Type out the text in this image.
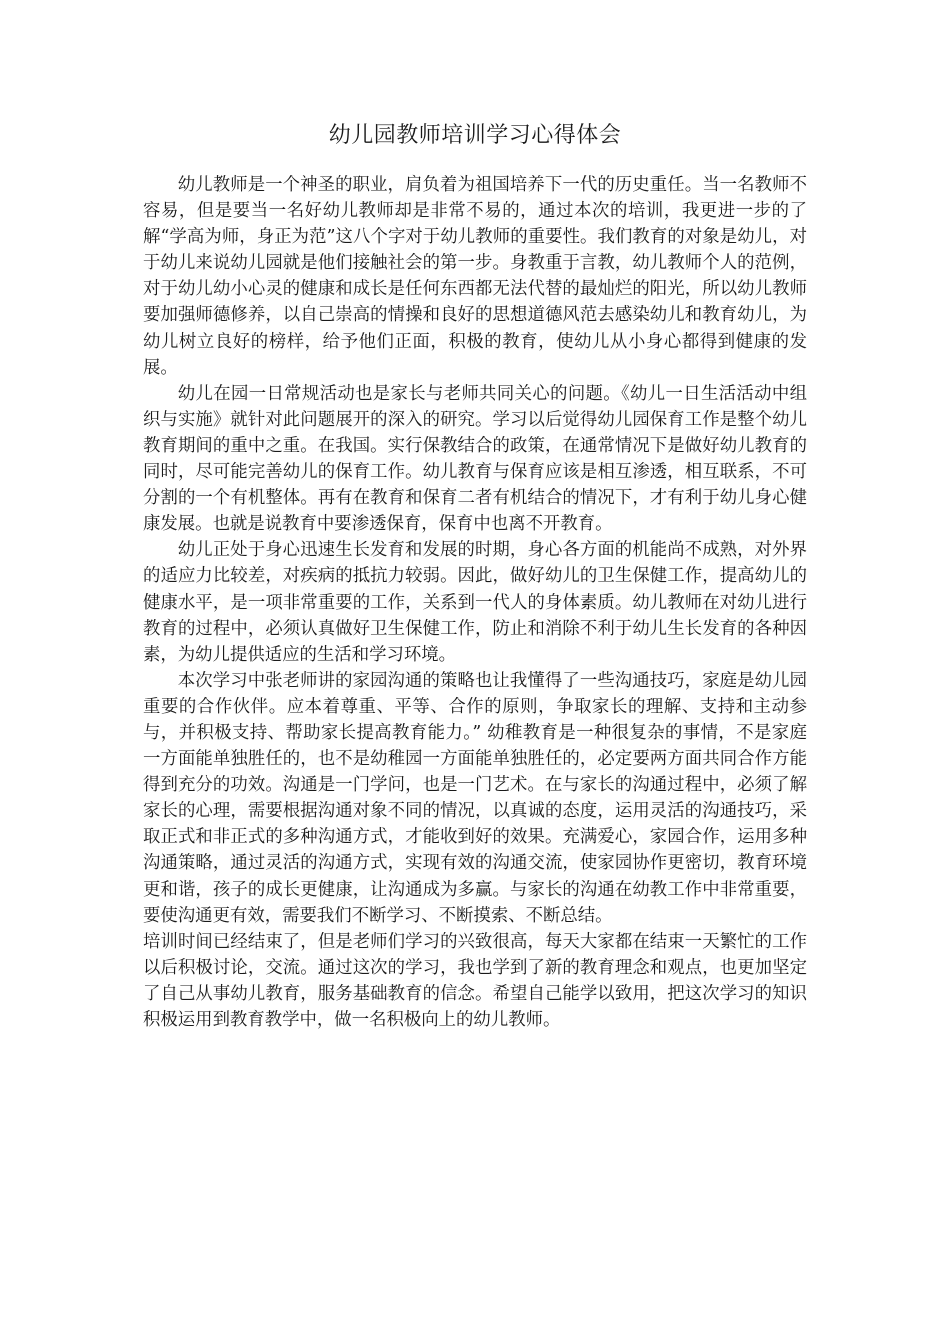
幼儿园教师培训学习心得体会

幼儿教师是一个神圣的职业，肩负着为祖国培养下一代的历史重任。当一名教师不容易，但是要当一名好幼儿教师却是非常不易的，通过本次的培训，我更进一步的了解“学高为师，身正为范”这八个字对于幼儿教师的重要性。我们教育的对象是幼儿，对于幼儿来说幼儿园就是他们接触社会的第一步。身教重于言教，幼儿教师个人的范例，对于幼儿幼小心灵的健康和成长是任何东西都无法代替的最灿烂的阳光，所以幼儿教师要加强师德修养，以自己崇高的情操和良好的思想道德风范去感染幼儿和教育幼儿，为幼儿树立良好的榜样，给予他们正面，积极的教育，使幼儿从小身心都得到健康的发展。

幼儿在园一日常规活动也是家长与老师共同关心的问题。《幼儿一日生活活动中组织与实施》就针对此问题展开的深入的研究。学习以后觉得幼儿园保育工作是整个幼儿教育期间的重中之重。在我国。实行保教结合的政策，在通常情况下是做好幼儿教育的同时，尽可能完善幼儿的保育工作。幼儿教育与保育应该是相互渗透，相互联系，不可分割的一个有机整体。再有在教育和保育二者有机结合的情况下，才有利于幼儿身心健康发展。也就是说教育中要渗透保育，保育中也离不开教育。

幼儿正处于身心迅速生长发育和发展的时期，身心各方面的机能尚不成熟，对外界的适应力比较差，对疾病的抵抗力较弱。因此，做好幼儿的卫生保健工作，提高幼儿的健康水平，是一项非常重要的工作，关系到一代人的身体素质。幼儿教师在对幼儿进行教育的过程中，必须认真做好卫生保健工作，防止和消除不利于幼儿生长发育的各种因素，为幼儿提供适应的生活和学习环境。

本次学习中张老师讲的家园沟通的策略也让我懂得了一些沟通技巧，家庭是幼儿园重要的合作伙伴。应本着尊重、平等、合作的原则，争取家长的理解、支持和主动参与，并积极支持、帮助家长提高教育能力。” 幼稚教育是一种很复杂的事情，不是家庭一方面能单独胜任的，也不是幼稚园一方面能单独胜任的，必定要两方面共同合作方能得到充分的功效。沟通是一门学问，也是一门艺术。在与家长的沟通过程中，必须了解家长的心理，需要根据沟通对象不同的情况，以真诚的态度，运用灵活的沟通技巧，采取正式和非正式的多种沟通方式，才能收到好的效果。充满爱心，家园合作，运用多种沟通策略，通过灵活的沟通方式，实现有效的沟通交流，使家园协作更密切，教育环境更和谐，孩子的成长更健康，让沟通成为多赢。与家长的沟通在幼教工作中非常重要，要使沟通更有效，需要我们不断学习、不断摸索、不断总结。

培训时间已经结束了，但是老师们学习的兴致很高，每天大家都在结束一天繁忙的工作以后积极讨论，交流。通过这次的学习，我也学到了新的教育理念和观点，也更加坚定了自己从事幼儿教育，服务基础教育的信念。希望自己能学以致用，把这次学习的知识积极运用到教育教学中，做一名积极向上的幼儿教师。
